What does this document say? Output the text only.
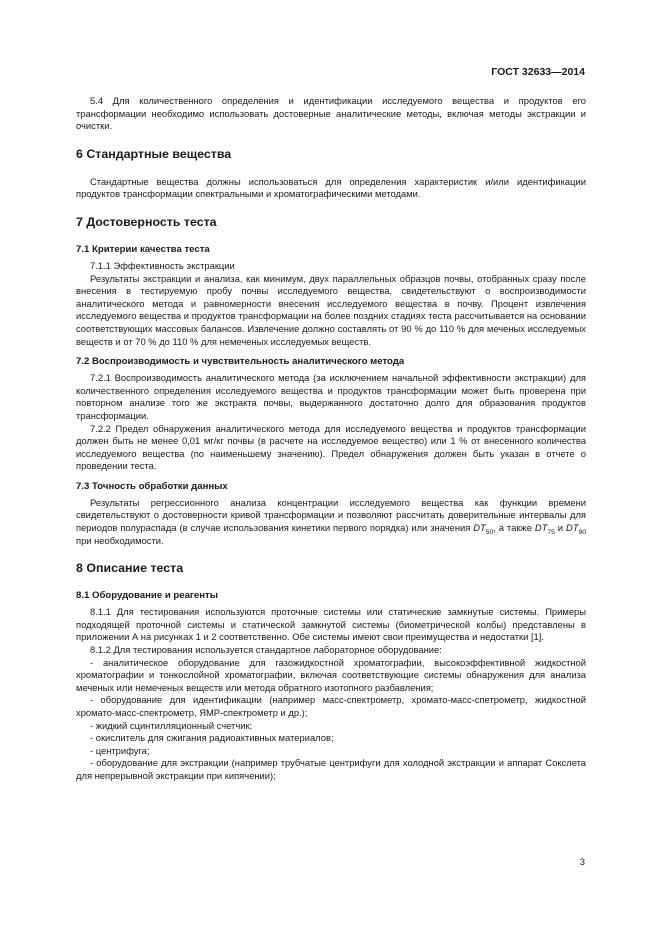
ГОСТ 32633—2014

5.4 Для количественного определения и идентификации исследуемого вещества и продуктов его трансформации необходимо использовать достоверные аналитические методы, включая методы экстракции и очистки.

6 Стандартные вещества

Стандартные вещества должны использоваться для определения характеристик и/или идентификации продуктов трансформации спектральными и хроматографическими методами.

7 Достоверность теста
7.1 Критерии качества теста

7.1.1 Эффективность экстракции

Результаты экстракции и анализа, как минимум, двух параллельных образцов почвы, отобранных сразу после внесения в тестируемую пробу почвы исследуемого вещества, свидетельствуют о воспроизводимости аналитического метода и равномерности внесения исследуемого вещества в почву. Процент извлечения исследуемого вещества и продуктов трансформации на более поздних стадиях теста рассчитывается на основании соответствующих массовых балансов. Извлечение должно составлять от 90 % до 110 % для меченых исследуемых веществ и от 70 % до 110 % для немеченых исследуемых веществ.

7.2 Воспроизводимость и чувствительность аналитического метода

7.2.1 Воспроизводимость аналитического метода (за исключением начальной эффективности экстракции) для количественного определения исследуемого вещества и продуктов трансформации может быть проверена при повторном анализе того же экстракта почвы, выдержанного достаточно долго для образования продуктов трансформации.

7.2.2 Предел обнаружения аналитического метода для исследуемого вещества и продуктов трансформации должен быть не менее 0,01 мг/кг почвы (в расчете на исследуемое вещество) или 1 % от внесенного количества исследуемого вещества (по наименьшему значению). Предел обнаружения должен быть указан в отчете о проведении теста.

7.3 Точность обработки данных

Результаты регрессионного анализа концентрации исследуемого вещества как функции времени свидетельствуют о достоверности кривой трансформации и позволяют рассчитать доверительные интервалы для периодов полураспада (в случае использования кинетики первого порядка) или значения $DT_{50}$, а также $DT_{75}$ и $DT_{90}$ при необходимости.

8 Описание теста
8.1 Оборудование и реагенты

8.1.1 Для тестирования используются проточные системы или статические замкнутые системы. Примеры подходящей проточной системы и статической замкнутой системы (биометрической колбы) представлены в приложении А на рисунках 1 и 2 соответственно. Обе системы имеют свои преимущества и недостатки [1].

8.1.2 Для тестирования используется стандартное лабораторное оборудование:

- аналитическое оборудование для газожидкостной хроматографии, высокоэффективной жидкостной хроматографии и тонкослойной хроматографии, включая соответствующие системы обнаружения для анализа меченых или немеченых веществ или метода обратного изотопного разбавления;

- оборудование для идентификации (например масс-спектрометр, хромато-масс-спетрометр, жидкостной хромато-масс-спектрометр, ЯМР-спектрометр и др.);

- жидкий сцинтилляционный счетчик;

- окислитель для сжигания радиоактивных материалов;

- центрифуга;

- оборудование для экстракции (например трубчатые центрифуги для холодной экстракции и аппарат Сокслета для непрерывной экстракции при кипячении);

3
